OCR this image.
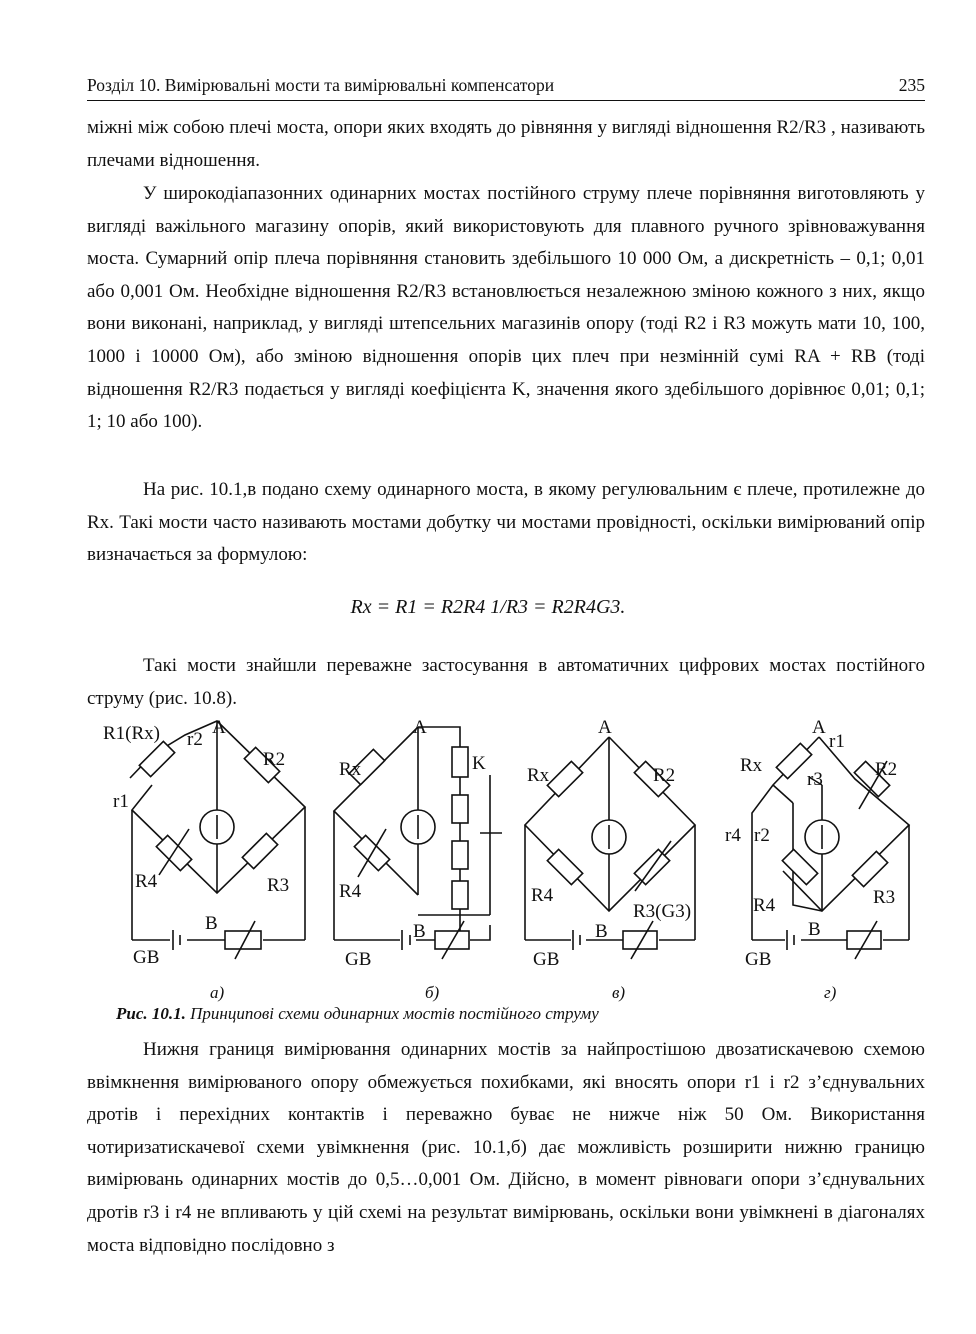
Розділ 10. Вимірювальні мости та вимірювальні компенсатори	235

міжні між собою плечі моста, опори яких входять до рівняння у вигляді відношення R2/R3 , називають плечами відношення.

У широкодіапазонних одинарних мостах постійного струму плече порівняння виготовляють у вигляді важільного магазину опорів, який використовують для плавного ручного зрівноважування моста. Сумарний опір плеча порівняння становить здебільшого 10 000 Ом, а дискретність – 0,1; 0,01 або 0,001 Ом. Необхідне відношення R2/R3 встановлюється незалежною зміною кожного з них, якщо вони виконані, наприклад, у вигляді штепсельних магазинів опору (тоді R2 і R3 можуть мати 10, 100, 1000 і 10000 Ом), або зміною відношення опорів цих плеч при незмінній сумі RA + RB (тоді відношення R2/R3 подається у вигляді коефіцієнта K, значення якого здебільшого дорівнює 0,01; 0,1; 1; 10 або 100).

На рис. 10.1,в подано схему одинарного моста, в якому регулювальним є плече, протилежне до Rx. Такі мости часто називають мостами добутку чи мостами провідності, оскільки вимірюваний опір визначається за формулою:

Rx = R1 = R2R4 1/R3 = R2R4G3.

Такі мости знайшли переважне застосування в автоматичних цифрових мостах постійного струму (рис. 10.8).

R1(Rx) r2
A
R2
r1
R4	R3
B
GB
A
Rx	K
R4
B
GB
A
Rx	R2
R4
R3(G3)
B
GB
A
r1
Rx
r3	R2
r4 r2
R4	R3
B
GB
а)	б)	в)	г)
Рис. 10.1. Принципові схеми одинарних мостів постійного струму

Нижня границя вимірювання одинарних мостів за найпростішою двозатискачевою схемою ввімкнення вимірюваного опору обмежується похибками, які вносять опори r1 і r2 з’єднувальних дротів і перехідних контактів і переважно буває не нижче ніж 50 Ом. Використання чотиризатискачевої схеми увімкнення (рис. 10.1,б) дає можливість розширити нижню границю вимірювань одинарних мостів до 0,5…0,001 Ом. Дійсно, в момент рівноваги опори з’єднувальних дротів r3 і r4 не впливають у цій схемі на результат вимірювань, оскільки вони увімкнені в діагоналях моста відповідно послідовно з
